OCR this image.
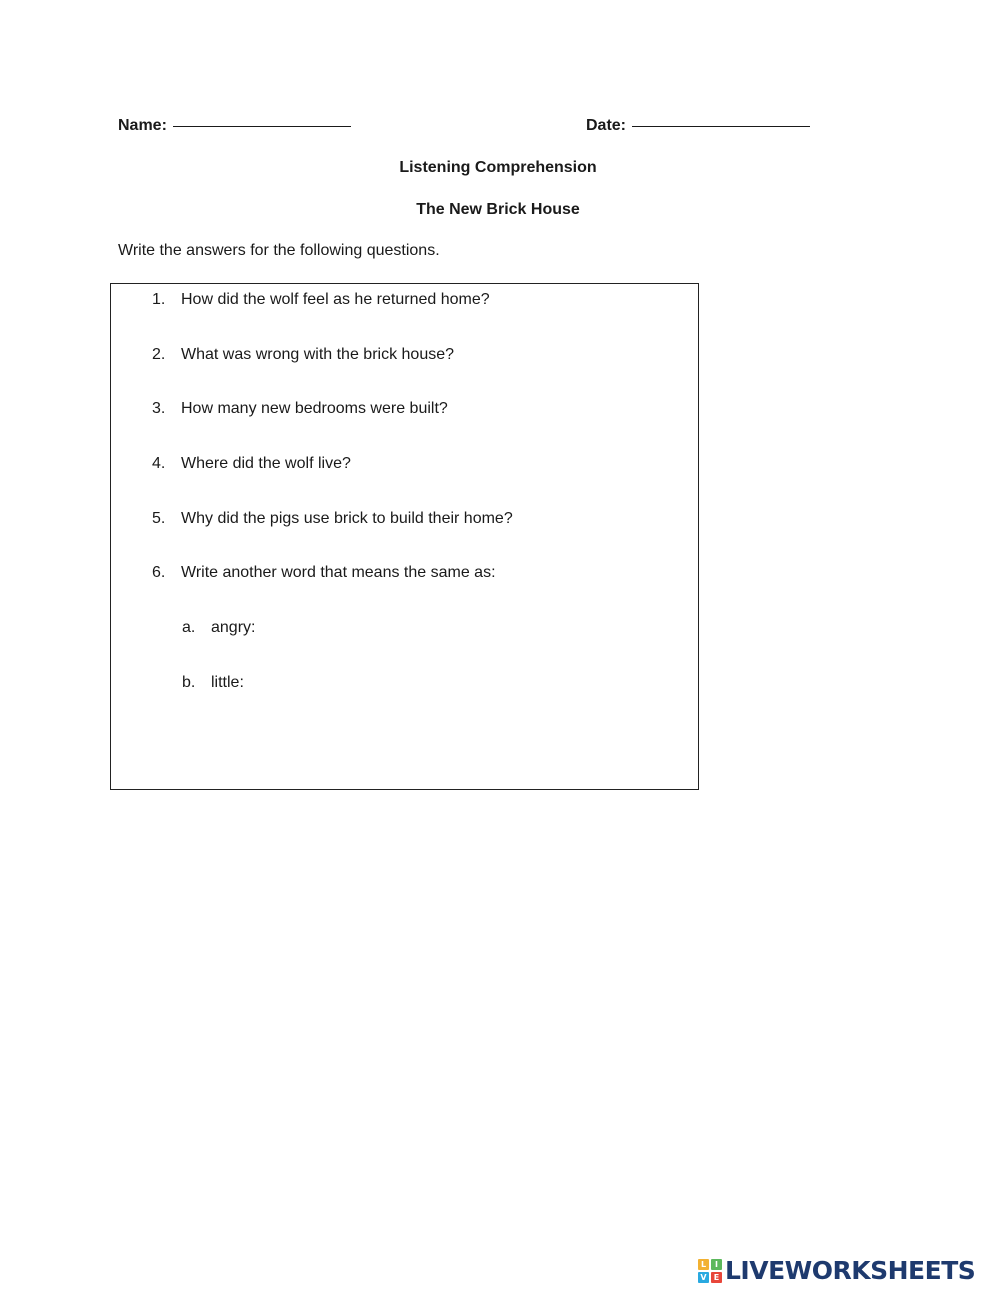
Name:	Date:
Listening Comprehension
The New Brick House
Write the answers for the following questions.
1. How did the wolf feel as he returned home?
2. What was wrong with the brick house?
3. How many new bedrooms were built?
4. Where did the wolf live?
5. Why did the pigs use brick to build their home?
6. Write another word that means the same as:
a. angry:
b. little:
L	I
V E LIVEWORKSHEETS
